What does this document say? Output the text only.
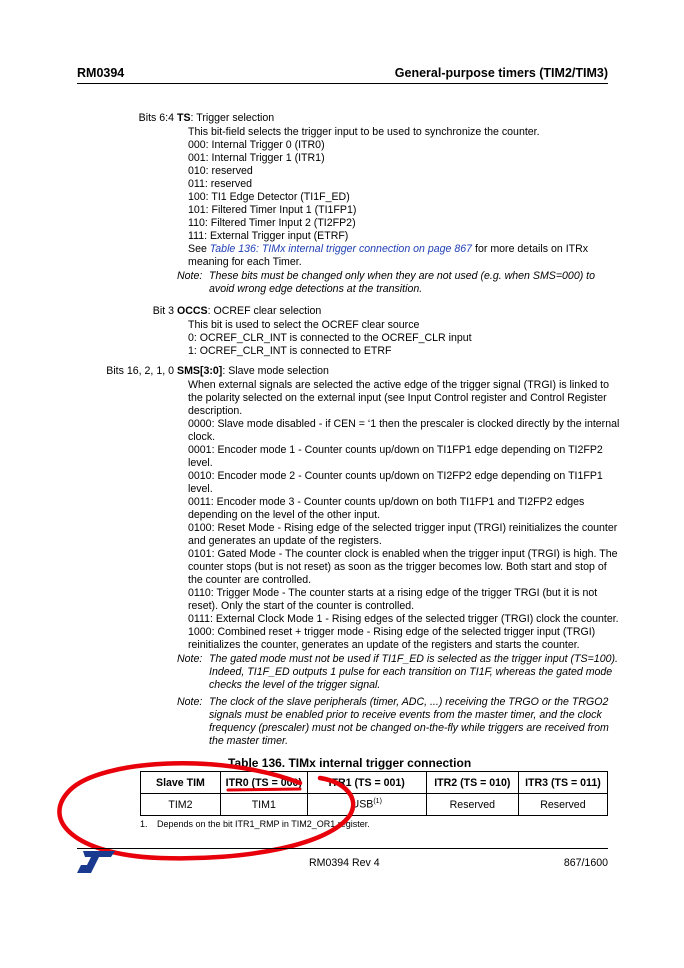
RM0394	General-purpose timers (TIM2/TIM3)
Bits 6:4 TS: Trigger selection
This bit-field selects the trigger input to be used to synchronize the counter.
000: Internal Trigger 0 (ITR0)
001: Internal Trigger 1 (ITR1)
010: reserved
011: reserved
100: TI1 Edge Detector (TI1F_ED)
101: Filtered Timer Input 1 (TI1FP1)
110: Filtered Timer Input 2 (TI2FP2)
111: External Trigger input (ETRF)
See Table 136: TIMx internal trigger connection on page 867 for more details on ITRx
meaning for each Timer.
Note: These bits must be changed only when they are not used (e.g. when SMS=000) to
avoid wrong edge detections at the transition.
Bit 3 OCCS: OCREF clear selection
This bit is used to select the OCREF clear source
0: OCREF_CLR_INT is connected to the OCREF_CLR input
1: OCREF_CLR_INT is connected to ETRF
Bits 16, 2, 1, 0 SMS[3:0]: Slave mode selection
When external signals are selected the active edge of the trigger signal (TRGI) is linked to
the polarity selected on the external input (see Input Control register and Control Register
description.
0000: Slave mode disabled - if CEN = ‘1 then the prescaler is clocked directly by the internal
clock.
0001: Encoder mode 1 - Counter counts up/down on TI1FP1 edge depending on TI2FP2
level.
0010: Encoder mode 2 - Counter counts up/down on TI2FP2 edge depending on TI1FP1
level.
0011: Encoder mode 3 - Counter counts up/down on both TI1FP1 and TI2FP2 edges
depending on the level of the other input.
0100: Reset Mode - Rising edge of the selected trigger input (TRGI) reinitializes the counter
and generates an update of the registers.
0101: Gated Mode - The counter clock is enabled when the trigger input (TRGI) is high. The
counter stops (but is not reset) as soon as the trigger becomes low. Both start and stop of
the counter are controlled.
0110: Trigger Mode - The counter starts at a rising edge of the trigger TRGI (but it is not
reset). Only the start of the counter is controlled.
0111: External Clock Mode 1 - Rising edges of the selected trigger (TRGI) clock the counter.
1000: Combined reset + trigger mode - Rising edge of the selected trigger input (TRGI)
reinitializes the counter, generates an update of the registers and starts the counter.
Note: The gated mode must not be used if TI1F_ED is selected as the trigger input (TS=100).
Indeed, TI1F_ED outputs 1 pulse for each transition on TI1F, whereas the gated mode
checks the level of the trigger signal.
Note: The clock of the slave peripherals (timer, ADC, ...) receiving the TRGO or the TRGO2
signals must be enabled prior to receive events from the master timer, and the clock
frequency (prescaler) must not be changed on-the-fly while triggers are received from
the master timer.
Table 136. TIMx internal trigger connection
Slave TIM	ITR0 (TS = 000)	ITR1 (TS = 001)	ITR2 (TS = 010)	ITR3 (TS = 011)
TIM2	TIM1	USB$^{(1)}$	Reserved	Reserved
1. Depends on the bit ITR1_RMP in TIM2_OR1 register.
RM0394 Rev 4	867/1600
